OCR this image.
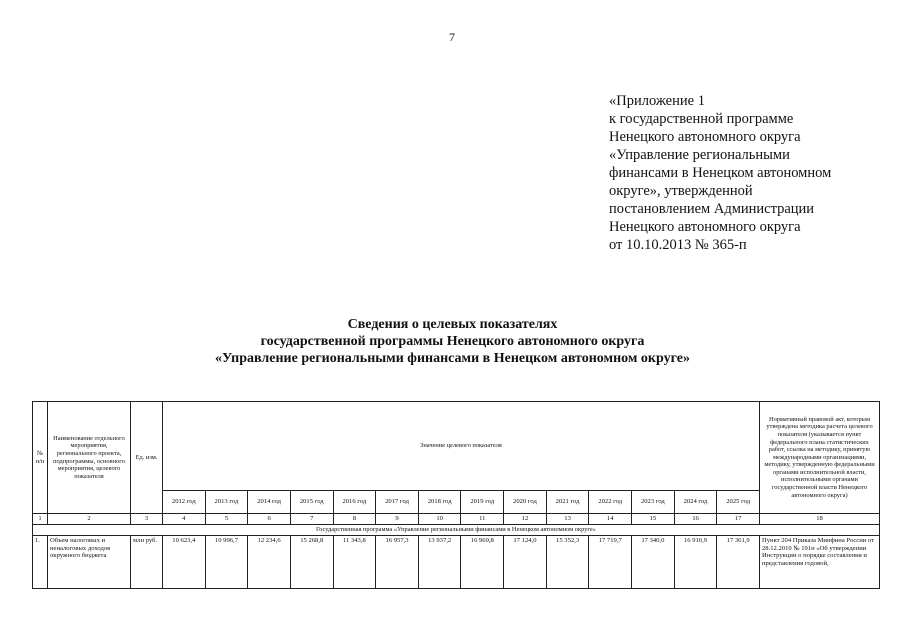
7
«Приложение 1
к государственной программе
Ненецкого автономного округа
«Управление региональными
финансами в Ненецком автономном
округе», утвержденной
постановлением Администрации
Ненецкого автономного округа
от 10.10.2013 № 365-п
Сведения о целевых показателях
государственной программы Ненецкого автономного округа
«Управление региональными финансами в Ненецком автономном округе»
№ п/п	Наименование отдельного мероприятия, регионального проекта, подпрограммы, основного мероприятия, целевого показателя	Ед. изм.	Значение целевого показателя														Нормативный правовой акт, которым утверждена методика расчета целевого показателя (указывается пункт федерального плана статистических работ, ссылка на методику, принятую международными организациями, методику, утвержденную федеральными органами исполнительной власти, исполнительными органами государственной власти Ненецкого автономного округа)
			2012 год	2013 год	2014 год	2015 год	2016 год	2017 год	2018 год	2019 год	2020 год	2021 год	2022 год	2023 год	2024 год	2025 год	
1	2	3	4	5	6	7	8	9	10	11	12	13	14	15	16	17	18
Государственная программа «Управление региональными финансами в Ненецком автономном округе»																	
1.	Объем налоговых и неналоговых доходов окружного бюджета	млн руб.	10 623,4	10 996,7	12 234,6	15 268,8	11 343,8	16 957,3	13 937,2	16 969,8	17 124,0	15 352,3	17 719,7	17 340,0	16 910,9	17 361,9	Пункт 204 Приказа Минфина России от 28.12.2010 № 191н «Об утверждении Инструкции о порядке составления и представления годовой,
